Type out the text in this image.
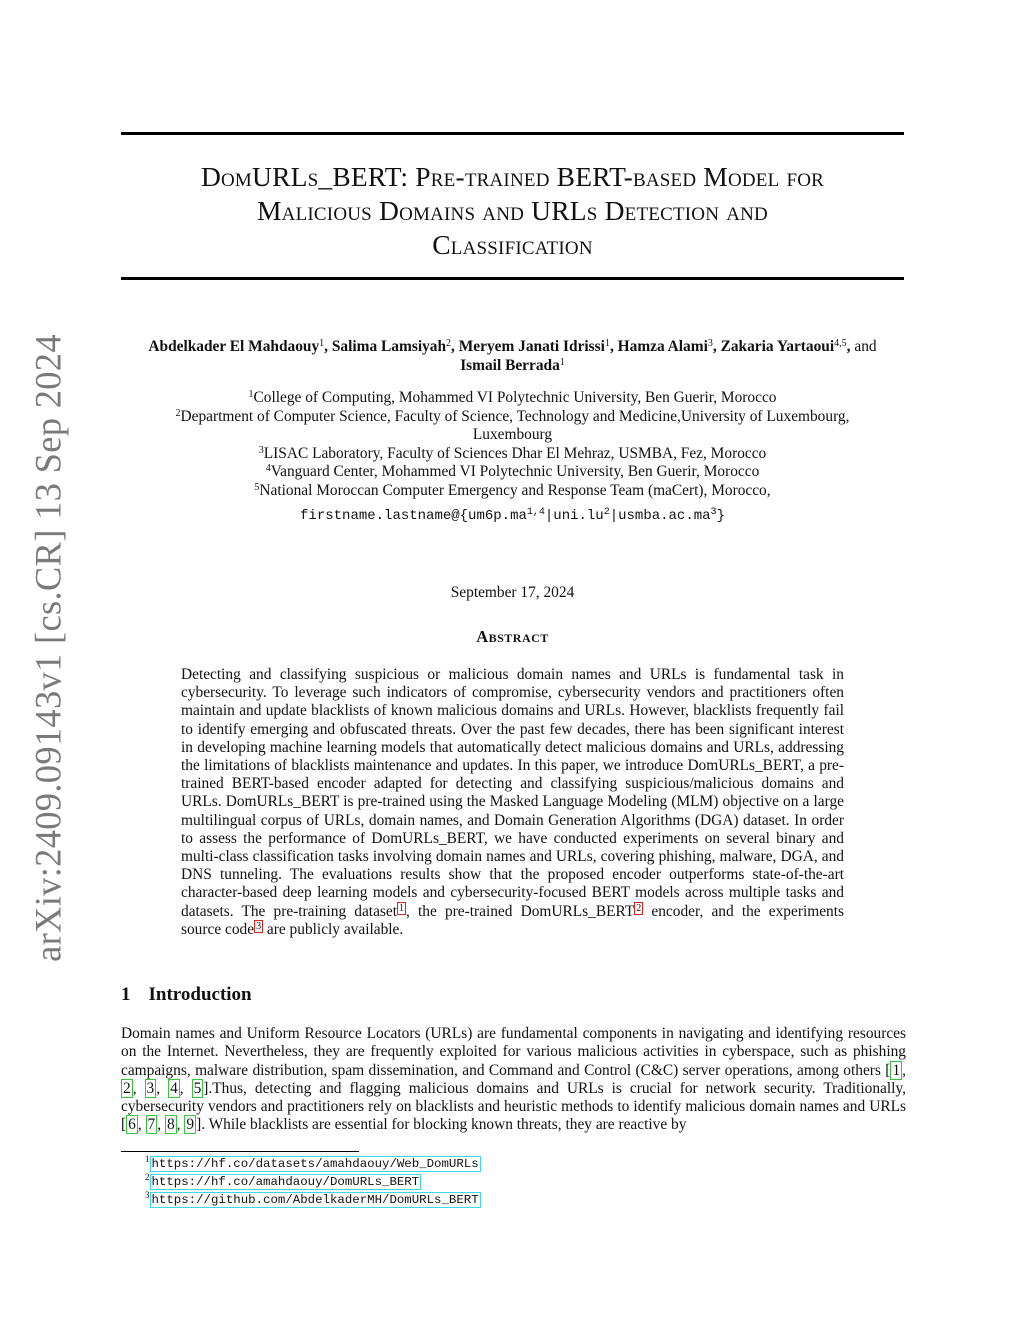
arXiv:2409.09143v1 [cs.CR] 13 Sep 2024
DomURLs_BERT: Pre-trained BERT-based Model for
Malicious Domains and URLs Detection and
Classification
Abdelkader El Mahdaouy$^1$, Salima Lamsiyah$^2$, Meryem Janati Idrissi$^1$, Hamza Alami$^3$, Zakaria Yartaoui$^{4,5}$, and
Ismail Berrada$^1$
$^1$College of Computing, Mohammed VI Polytechnic University, Ben Guerir, Morocco
$^2$Department of Computer Science, Faculty of Science, Technology and Medicine,University of Luxembourg,
Luxembourg
$^3$LISAC Laboratory, Faculty of Sciences Dhar El Mehraz, USMBA, Fez, Morocco
$^4$Vanguard Center, Mohammed VI Polytechnic University, Ben Guerir, Morocco
$^5$National Moroccan Computer Emergency and Response Team (maCert), Morocco,
$firstname.lastname@\{um6p.ma^{1,4}|uni.lu^2|usmba.ac.ma^3\}$
September 17, 2024
Abstract
Detecting and classifying suspicious or malicious domain names and URLs is fundamental task in cybersecurity. To leverage such indicators of compromise, cybersecurity vendors and practitioners often maintain and update blacklists of known malicious domains and URLs. However, blacklists frequently fail to identify emerging and obfuscated threats. Over the past few decades, there has been significant interest in developing machine learning models that automatically detect malicious domains and URLs, addressing the limitations of blacklists maintenance and updates. In this paper, we introduce DomURLs_BERT, a pre-trained BERT-based encoder adapted for detecting and classifying suspicious/malicious domains and URLs. DomURLs_BERT is pre-trained using the Masked Language Modeling (MLM) objective on a large multilingual corpus of URLs, domain names, and Domain Generation Algorithms (DGA) dataset. In order to assess the performance of DomURLs_BERT, we have conducted experiments on several binary and multi-class classification tasks involving domain names and URLs, covering phishing, malware, DGA, and DNS tunneling. The evaluations results show that the proposed encoder outperforms state-of-the-art character-based deep learning models and cybersecurity-focused BERT models across multiple tasks and datasets. The pre-training dataset $^1$ , the pre-trained DomURLs_BERT $^2$ encoder, and the experiments source code $^3$ are publicly available.
1 Introduction
Domain names and Uniform Resource Locators (URLs) are fundamental components in navigating and identifying resources on the Internet. Nevertheless, they are frequently exploited for various malicious activities in cyberspace, such as phishing campaigns, malware distribution, spam dissemination, and Command and Control (C&C) server operations, among others [ 1 , 2 , 3 , 4 , 5 ].Thus, detecting and flagging malicious domains and URLs is crucial for network security. Traditionally, cybersecurity vendors and practitioners rely on blacklists and heuristic methods to identify malicious domain names and URLs [ 6 , 7 , 8 , 9 ]. While blacklists are essential for blocking known threats, they are reactive by
$^1$ https://hf.co/datasets/amahdaouy/Web_DomURLs
$^2$ https://hf.co/amahdaouy/DomURLs_BERT
$^3$ https://github.com/AbdelkaderMH/DomURLs_BERT
